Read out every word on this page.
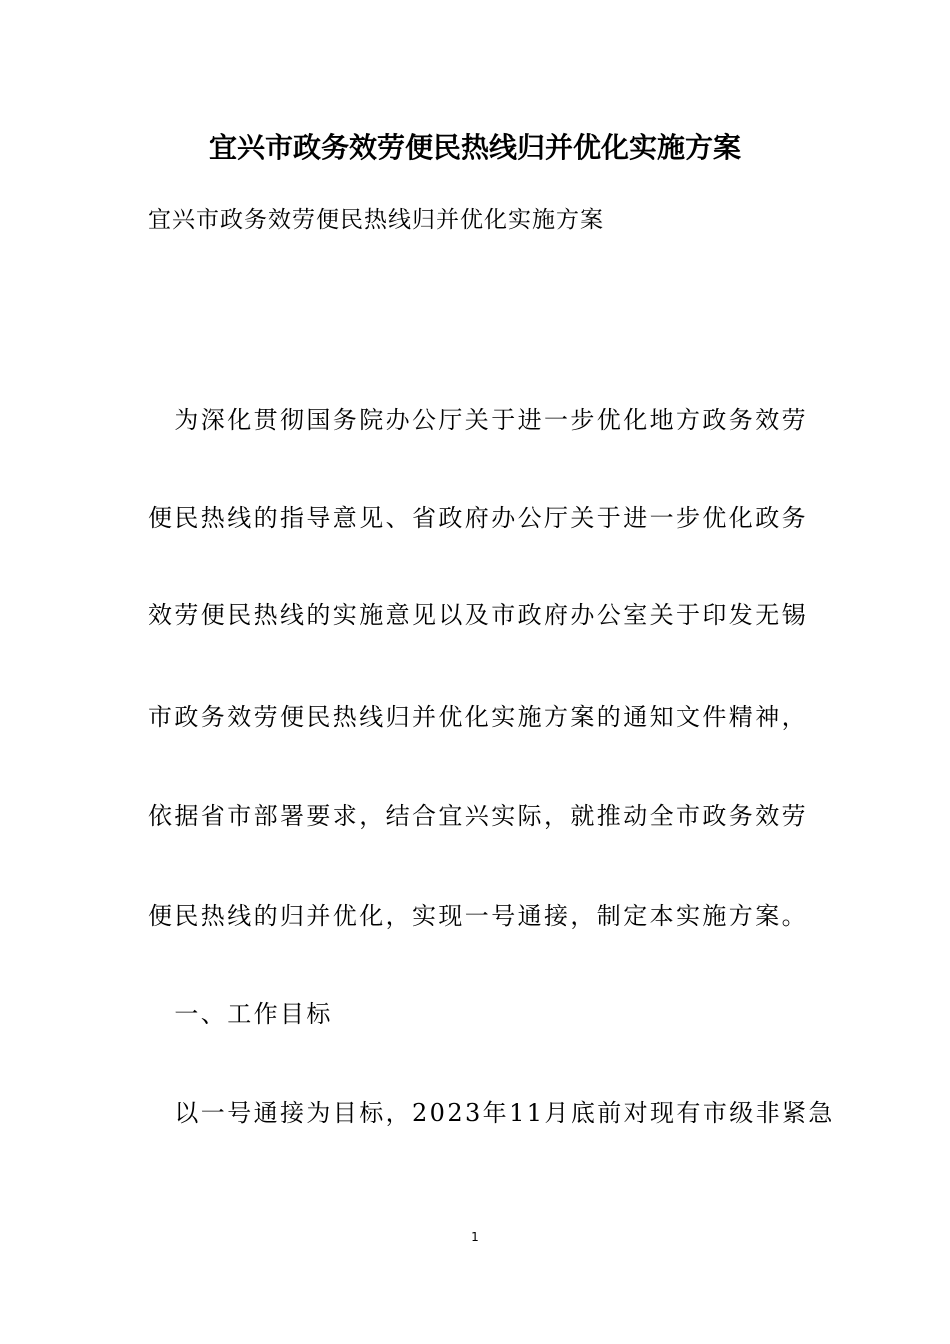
宜兴市政务效劳便民热线归并优化实施方案
宜兴市政务效劳便民热线归并优化实施方案
　为深化贯彻国务院办公厅关于进一步优化地方政务效劳
便民热线的指导意见、省政府办公厅关于进一步优化政务
效劳便民热线的实施意见以及市政府办公室关于印发无锡
市政务效劳便民热线归并优化实施方案的通知文件精神，
依据省市部署要求，结合宜兴实际，就推动全市政务效劳
便民热线的归并优化，实现一号通接，制定本实施方案。
　一、工作目标
　以一号通接为目标，2023年11月底前对现有市级非紧急
1
